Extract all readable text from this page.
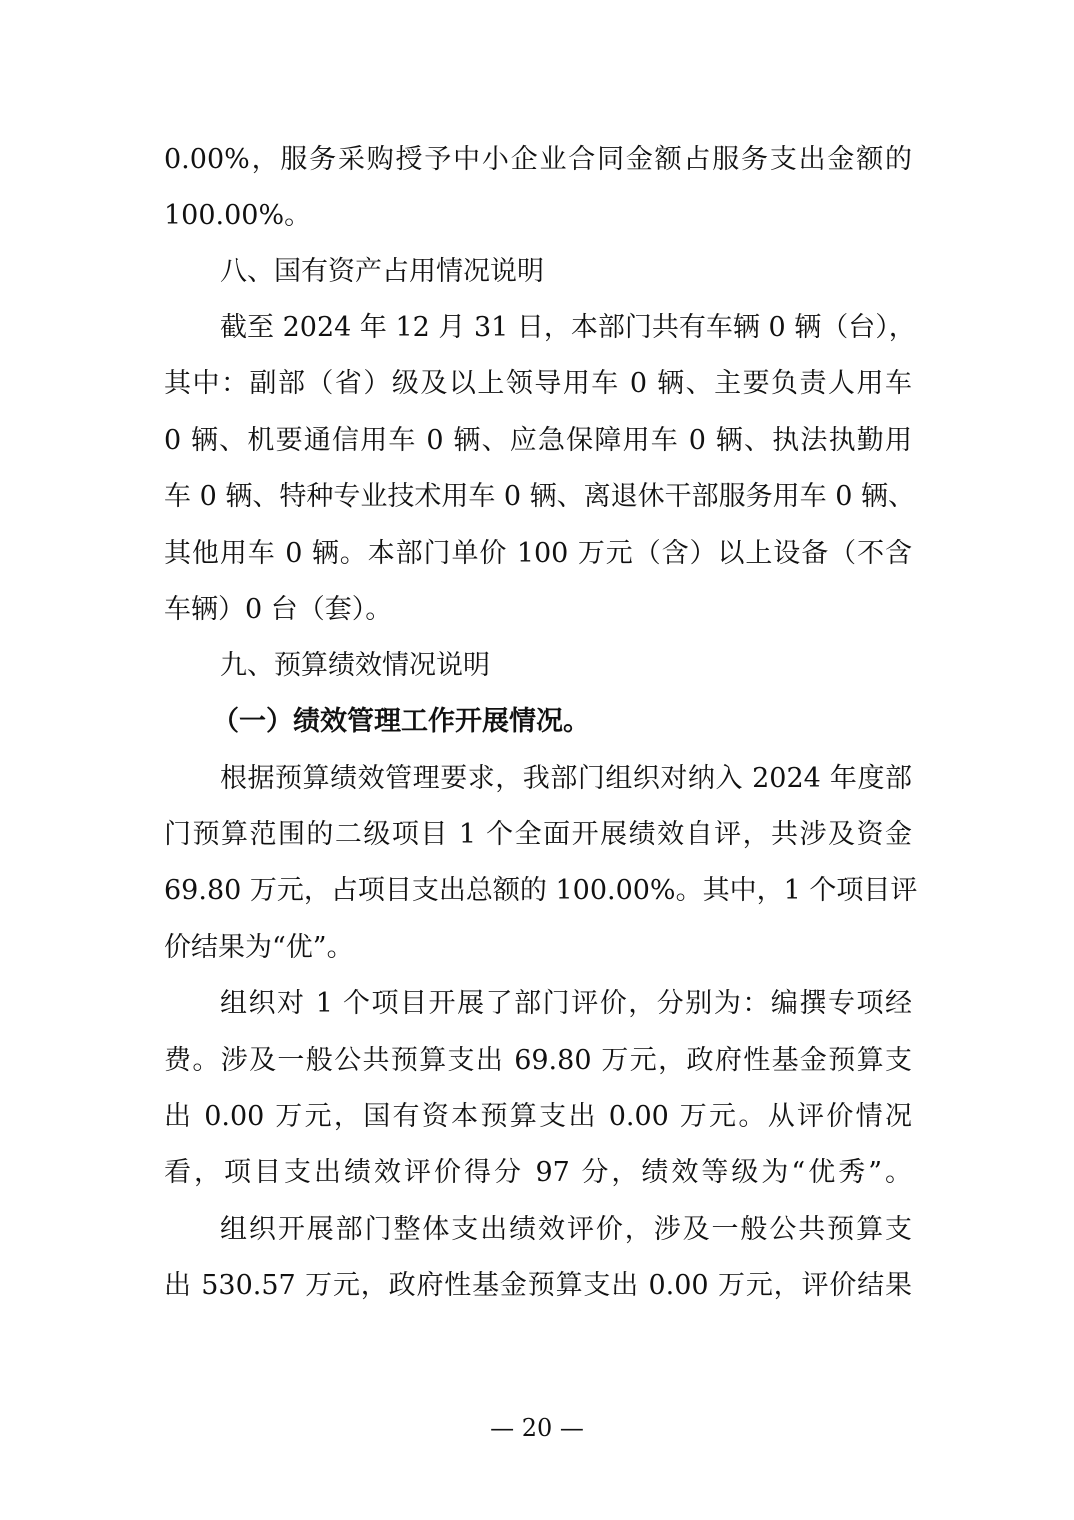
0.00%，服务采购授予中小企业合同金额占服务支出金额的
100.00%。
八、国有资产占用情况说明
截至 2024 年 12 月 31 日，本部门共有车辆 0 辆（台），
其中：副部（省）级及以上领导用车 0 辆、主要负责人用车
0 辆、机要通信用车 0 辆、应急保障用车 0 辆、执法执勤用
车 0 辆、特种专业技术用车 0 辆、离退休干部服务用车 0 辆、
其他用车 0 辆。本部门单价 100 万元（含）以上设备（不含
车辆）0 台（套）。
九、预算绩效情况说明
（一）绩效管理工作开展情况。
根据预算绩效管理要求，我部门组织对纳入 2024 年度部
门预算范围的二级项目 1 个全面开展绩效自评，共涉及资金
69.80 万元，占项目支出总额的 100.00%。其中，1 个项目评
价结果为“优”。
组织对 1 个项目开展了部门评价，分别为：编撰专项经
费。涉及一般公共预算支出 69.80 万元，政府性基金预算支
出 0.00 万元，国有资本预算支出 0.00 万元。从评价情况
看，项目支出绩效评价得分 97 分，绩效等级为“优秀”。
组织开展部门整体支出绩效评价，涉及一般公共预算支
出 530.57 万元，政府性基金预算支出 0.00 万元，评价结果
— 20 —
